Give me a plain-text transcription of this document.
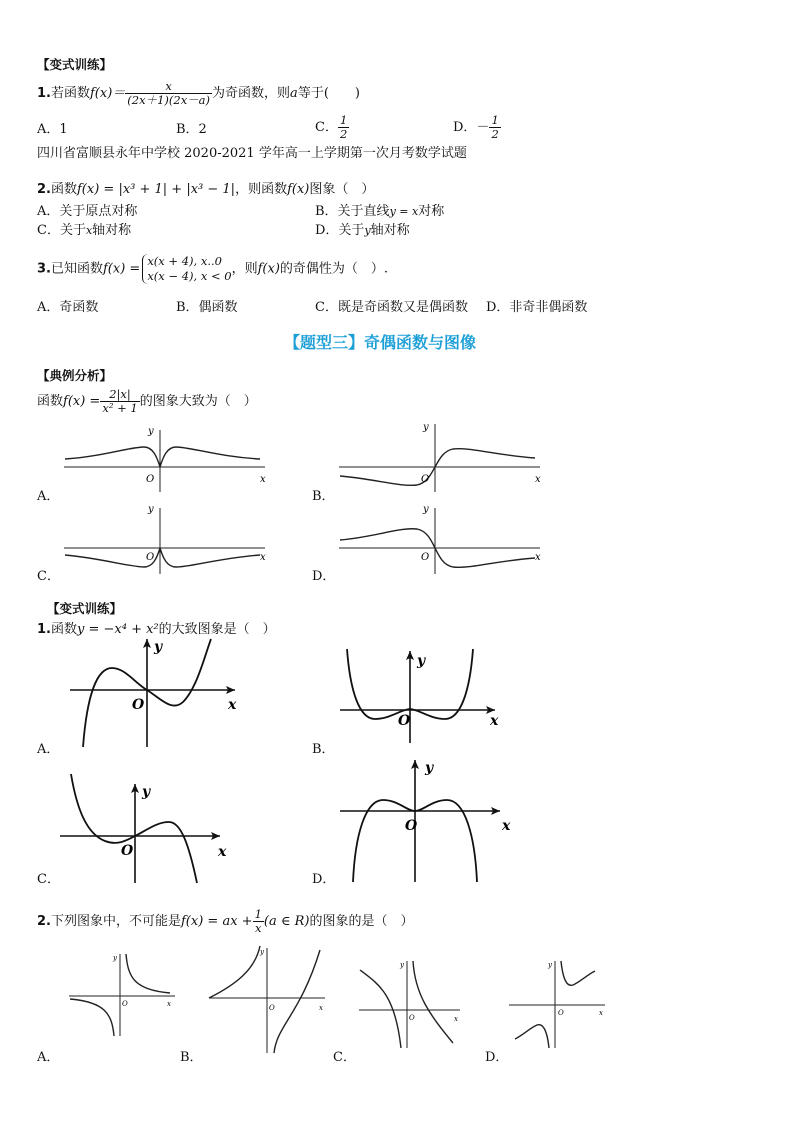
【变式训练】
1.若函数$f(x)= \frac{x}{(2x+1)(2x-a)}$ 为奇函数，则a等于(　　)
A．1	B．2	C． $\frac{1}{2}$	D．－ $\frac{1}{2}$
四川省富顺县永年中学校 2020-2021 学年高一上学期第一次月考数学试题
2.函数f(x) = |x³ + 1| + |x³ − 1|，则函数f(x)图象（　）
A．关于原点对称	B．关于直线y = x对称
C．关于x轴对称	D．关于y轴对称
3.已知函数f(x) =
x(x + 4), x..0
x(x − 4), x < 0 ，则f(x)的奇偶性为（　）.
A．奇函数	B．偶函数	C．既是奇函数又是偶函数 D．非奇非偶函数
【题型三】奇偶函数与图像
【典例分析】
函数$f(x) = \frac{2|x|}{\text{x² + 1}}$ 的图象大致为（　）
x
y
O
A．
x
y
O
B．
x
y
O
C．
x
y
O
D．
【变式训练】
1.函数y = −x⁴ + x²的大致图象是（　）
x
y
O
A．
x
y
O
B．
x
y
O
C．
x
y
O
D．
2.下列图象中，不可能是f(x) = ax + $\frac{1}{x} (a$ ∈ R)的图象的是（　）
x
y
O
A．
x
y
O
B．
x
y
O
C．
x
y
O
D．
